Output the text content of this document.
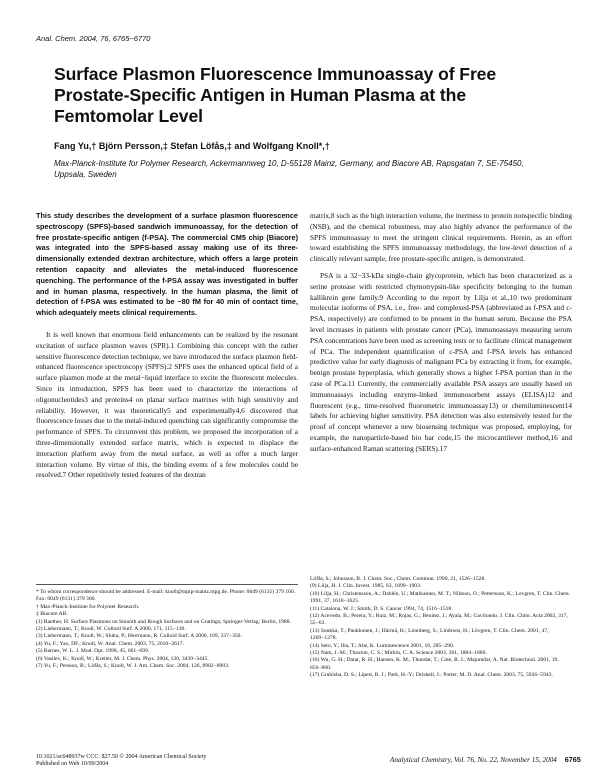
Anal. Chem. 2004, 76, 6765−6770
Surface Plasmon Fluorescence Immunoassay of Free Prostate-Specific Antigen in Human Plasma at the Femtomolar Level
Fang Yu,† Björn Persson,‡ Stefan Löfås,‡ and Wolfgang Knoll*,†
Max-Planck-Institute for Polymer Research, Ackermannweg 10, D-55128 Mainz, Germany, and Biacore AB, Rapsgatan 7, SE-75450, Uppsala, Sweden

This study describes the development of a surface plasmon fluorescence spectroscopy (SPFS)-based sandwich immunoassay, for the detection of free prostate-specific antigen (f-PSA). The commercial CM5 chip (Biacore) was integrated into the SPFS-based assay making use of its three-dimensionally extended dextran architecture, which offers a large protein retention capacity and alleviates the metal-induced fluorescence quenching. The performance of the f-PSA assay was investigated in buffer and in human plasma, respectively. In the human plasma, the limit of detection of f-PSA was estimated to be ~80 fM for 40 min of contact time, which adequately meets clinical requirements.

It is well known that enormous field enhancements can be realized by the resonant excitation of surface plasmon waves (SPR).1 Combining this concept with the rather sensitive fluorescence detection technique, we have introduced the surface plasmon field-enhanced fluorescence spectroscopy (SPFS).2 SPFS uses the enhanced optical field of a surface plasmon mode at the metal−liquid interface to excite the fluorescent molecules. Since its introduction, SPFS has been used to characterize the interactions of oligonucleotides3 and proteins4 on planar surface matrixes with high sensitivity and reliability. However, it was theoretically5 and experimentally4,6 discovered that fluorescence losses due to the metal-induced quenching can significantly compromise the performance of SPFS. To circumvent this problem, we proposed the incorporation of a three-dimensionally extended surface matrix, which is expected to displace the interaction platform away from the metal surface, as well as offer a much larger interaction volume. By virtue of this, the binding events of a few molecules could be resolved.7 Other repetitively tested features of the dextran

matrix,8 such as the high interaction volume, the inertness to protein nonspecific binding (NSB), and the chemical robustness, may also highly advance the performance of the SPFS immunoassay to meet the stringent clinical requirements. Herein, as an effort toward establishing the SPFS immunoassay methodology, the low-level detection of a clinically relevant sample, free prostate-specific antigen, is demonstrated.

PSA is a 32−33-kDa single-chain glycoprotein, which has been characterized as a serine protease with restricted chymotrypsin-like specificity belonging to the human kallikrein gene family.9 According to the report by Lilja et al.,10 two predominant molecular isoforms of PSA, i.e., free- and complexed-PSA (abbreviated as f-PSA and c-PSA, respectively) are confirmed to be present in the human serum. Because the PSA level increases in patients with prostate cancer (PCa), immunoassays measuring serum PSA concentrations have been used as screening tests or to facilitate clinical management of PCa. The independent quantification of c-PSA and f-PSA levels has enhanced predictive value for early diagnosis of malignant PCa by extracting it from, for example, benign prostate hyperplasia, which generally shows a higher f-PSA portion than in the case of PCa.11 Currently, the commercially available PSA assays are usually based on immunoassays including enzyme-linked immunosorbent assays (ELISA)12 and fluorescent (e.g., time-resolved fluorometric immunoassay13) or chemiluminescent14 labels for achieving higher sensitivity. PSA detection was also extensively tested for the proof of concept whenever a new biosensing technique was proposed, employing, for example, the nanoparticle-based bio bar code,15 the microcantilever method,16 and surface-enhanced Raman scattering (SERS).17

* To whom correspondence should be addressed. E-mail: knoll@mpip-mainz.mpg.de. Phone: 0049 (6131) 379 160. Fax: 0049 (6131) 379 360.
† Max-Planck-Institute for Polymer Research.
‡ Biacore AB.
(1) Raether, H. Surface Plasmons on Smooth and Rough Surfaces and on Gratings; Springer-Verlag: Berlin, 1988.
(2) Liebermann, T.; Knoll, W. Colloid Surf. A 2000, 171, 115−130.
(3) Liebermann, T.; Knoll, W.; Sluka, P.; Herrmann, R. Colloid Surf. A 2000, 169, 337−350.
(4) Yu, F.; Yao, DF.; Knoll, W. Anal. Chem. 2003, 75, 2610−2617.
(5) Barnes, W. L. J. Mod. Opt. 1998, 45, 661−699.
(6) Vasilev, K.; Knoll, W.; Kreiter, M. J. Chem. Phys. 2004, 120, 3439−3445.
(7) Yu, F.; Persson, B.; Löfås, S.; Knoll, W. J. Am. Chem. Soc. 2004, 126, 8902−8903.
Löfås, S.; Johnsson, B. J. Chem. Soc., Chem. Commun. 1990, 21, 1526−1528.
(9) Lilja, H. J. Clin. Invest. 1985, 63, 1899−1903.
(10) Lilja, H.; Christensson, A.; Dahlén, U.; Matikainen, M. T.; Nilsson, O.; Pettersson, K.; Lovgren, T. Clin. Chem. 1991, 37, 1618−1625.
(11) Catalona, W. J.; Smith, D. S. Cancer 1994, 74, 1516−1518.
(12) Acevedo, B.; Perera, Y.; Ruiz, M.; Rojas, G.; Benitez, J.; Ayala, M.; Gavilondo, J. Clin. Chim. Acta 2002, 317, 55−63.
(13) Soukka, T.; Paukkunen, J.; Härmä, H.; Lönnberg, S.; Lindroos, H.; Lövgren, T. Clin. Chem. 2001, 47, 1269−1278.
(14) Seto, Y.; Iba, T.; Abe, K. Luminescence 2001, 16, 285−290.
(15) Nam, J.-M.; Thaxton, C. S.; Mirkin, C. A. Science 2003, 301, 1884−1886.
(16) Wu, G. H.; Datar, R. H.; Hansen, K. M.; Thundat, T.; Cote, R. J.; Majumdar, A. Nat. Biotechnol. 2001, 19, 856−860.
(17) Grubisha, D. S.; Lipert, R. J.; Park, H.-Y.; Driskell, J.; Porter, M. D. Anal. Chem. 2003, 75, 5936−5943.
10.1021/ac048937w CCC: $27.50 © 2004 American Chemical Society
Published on Web 10/09/2004
Analytical Chemistry, Vol. 76, No. 22, November 15, 2004 6765
